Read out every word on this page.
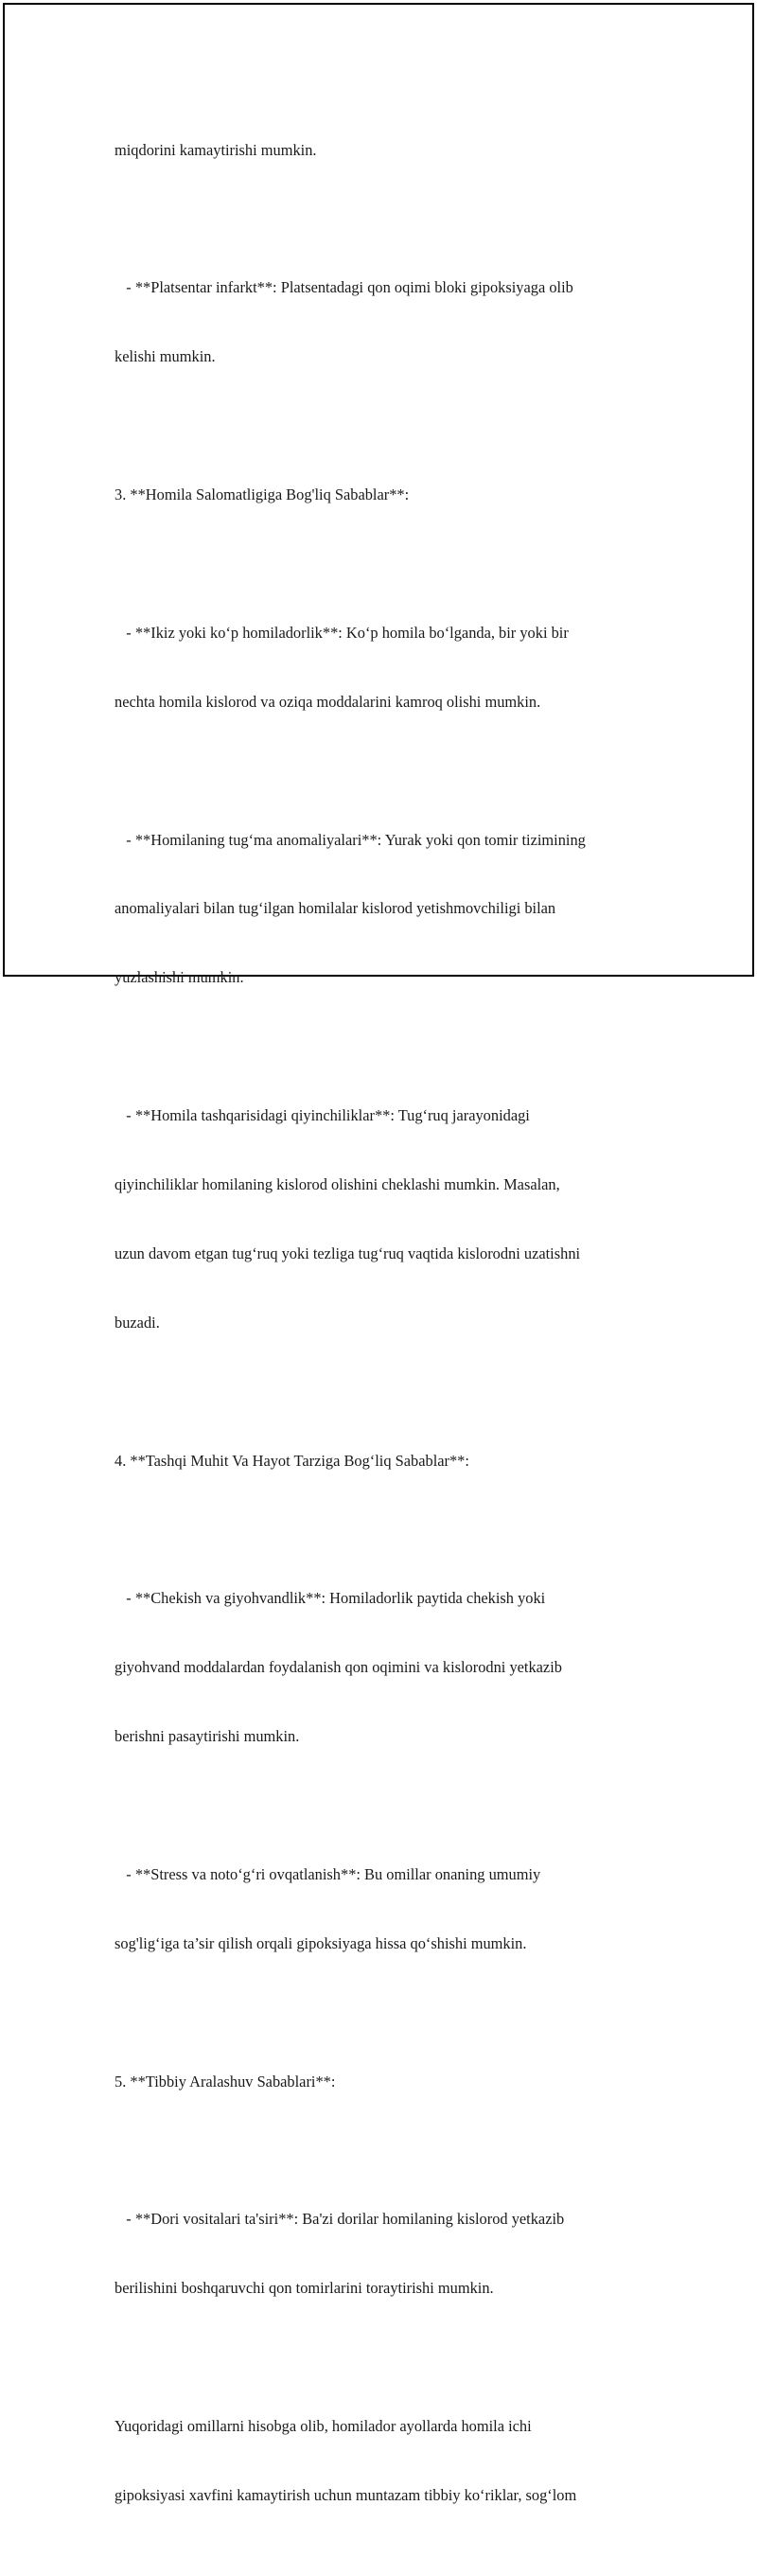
miqdorini kamaytirishi mumkin.

- **Platsentar infarkt**: Platsentadagi qon oqimi bloki gipoksiyaga olib

kelishi mumkin.

3. **Homila Salomatligiga Bog'liq Sabablar**:

- **Ikiz yoki ko‘p homiladorlik**: Ko‘p homila bo‘lganda, bir yoki bir

nechta homila kislorod va oziqa moddalarini kamroq olishi mumkin.

- **Homilaning tug‘ma anomaliyalari**: Yurak yoki qon tomir tizimining

anomaliyalari bilan tug‘ilgan homilalar kislorod yetishmovchiligi bilan

yuzlashishi mumkin.

- **Homila tashqarisidagi qiyinchiliklar**: Tug‘ruq jarayonidagi

qiyinchiliklar homilaning kislorod olishini cheklashi mumkin. Masalan,

uzun davom etgan tug‘ruq yoki tezliga tug‘ruq vaqtida kislorodni uzatishni

buzadi.

4. **Tashqi Muhit Va Hayot Tarziga Bog‘liq Sabablar**:

- **Chekish va giyohvandlik**: Homiladorlik paytida chekish yoki

giyohvand moddalardan foydalanish qon oqimini va kislorodni yetkazib

berishni pasaytirishi mumkin.

- **Stress va noto‘g‘ri ovqatlanish**: Bu omillar onaning umumiy

sog'lig‘iga ta’sir qilish orqali gipoksiyaga hissa qo‘shishi mumkin.

5. **Tibbiy Aralashuv Sabablari**:

- **Dori vositalari ta'siri**: Ba'zi dorilar homilaning kislorod yetkazib

berilishini boshqaruvchi qon tomirlarini toraytirishi mumkin.

Yuqoridagi omillarni hisobga olib, homilador ayollarda homila ichi

gipoksiyasi xavfini kamaytirish uchun muntazam tibbiy ko‘riklar, sog‘lom
